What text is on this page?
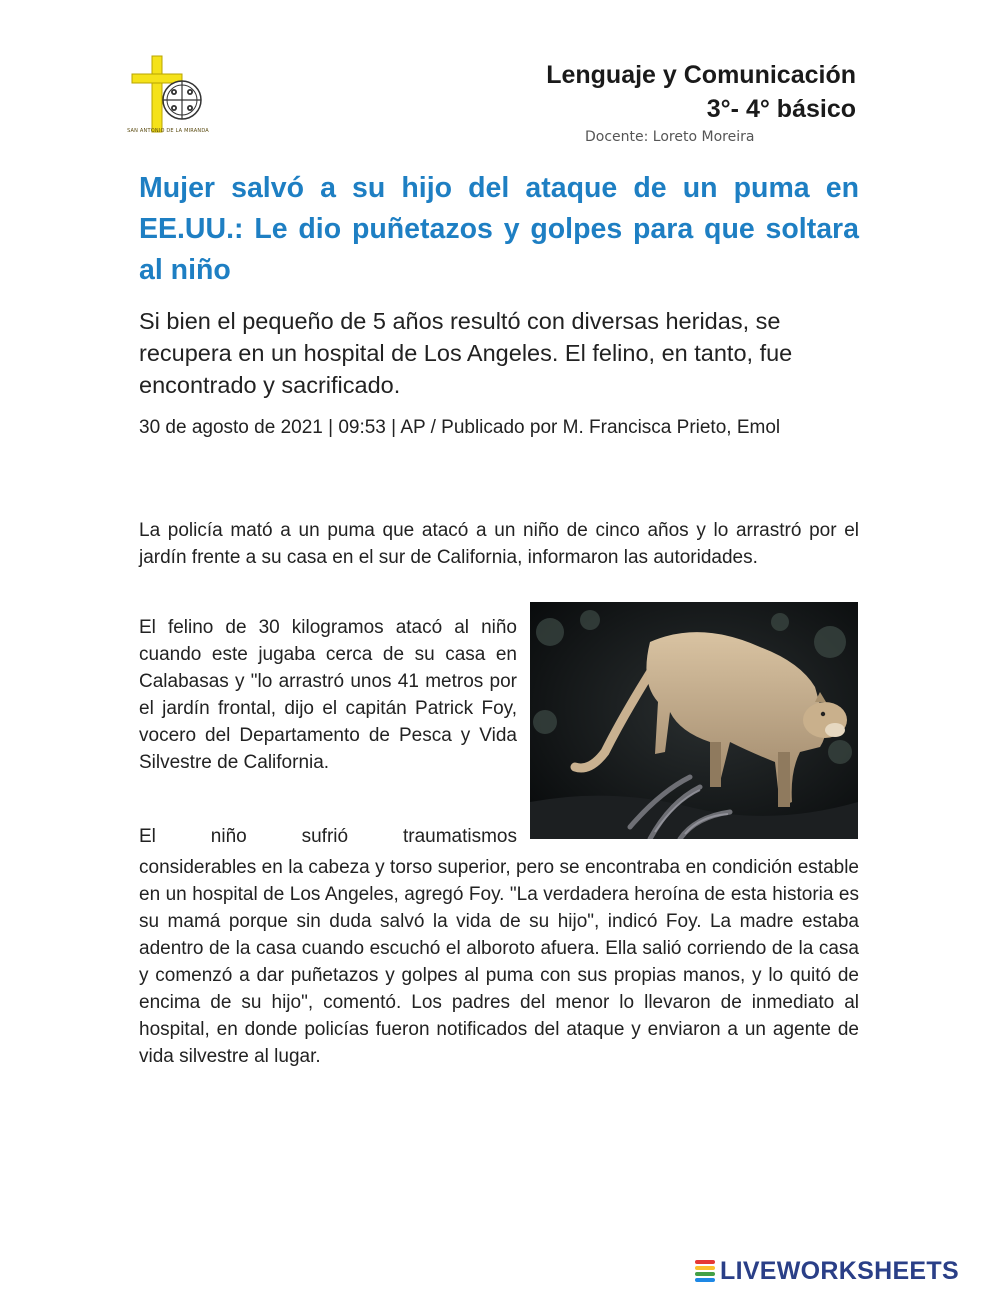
SAN ANTONIO DE LA MIRANDA
Lenguaje y Comunicación
3°- 4° básico
Docente: Loreto Moreira
Mujer salvó a su hijo del ataque de un puma en EE.UU.: Le dio puñetazos y golpes para que soltara al niño

Si bien el pequeño de 5 años resultó con diversas heridas, se recupera en un hospital de Los Angeles. El felino, en tanto, fue encontrado y sacrificado.

30 de agosto de 2021 | 09:53 | AP / Publicado por M. Francisca Prieto, Emol

La policía mató a un puma que atacó a un niño de cinco años y lo arrastró por el jardín frente a su casa en el sur de California, informaron las autoridades.

El felino de 30 kilogramos atacó al niño cuando este jugaba cerca de su casa en Calabasas y "lo arrastró unos 41 metros por el jardín frontal, dijo el capitán Patrick Foy, vocero del Departamento de Pesca y Vida Silvestre de California.

El niño sufrió traumatismos

considerables en la cabeza y torso superior, pero se encontraba en condición estable en un hospital de Los Angeles, agregó Foy. "La verdadera heroína de esta historia es su mamá porque sin duda salvó la vida de su hijo", indicó Foy. La madre estaba adentro de la casa cuando escuchó el alboroto afuera. Ella salió corriendo de la casa y comenzó a dar puñetazos y golpes al puma con sus propias manos, y lo quitó de encima de su hijo", comentó. Los padres del menor lo llevaron de inmediato al hospital, en donde policías fueron notificados del ataque y enviaron a un agente de vida silvestre al lugar.

LIVEWORKSHEETS
